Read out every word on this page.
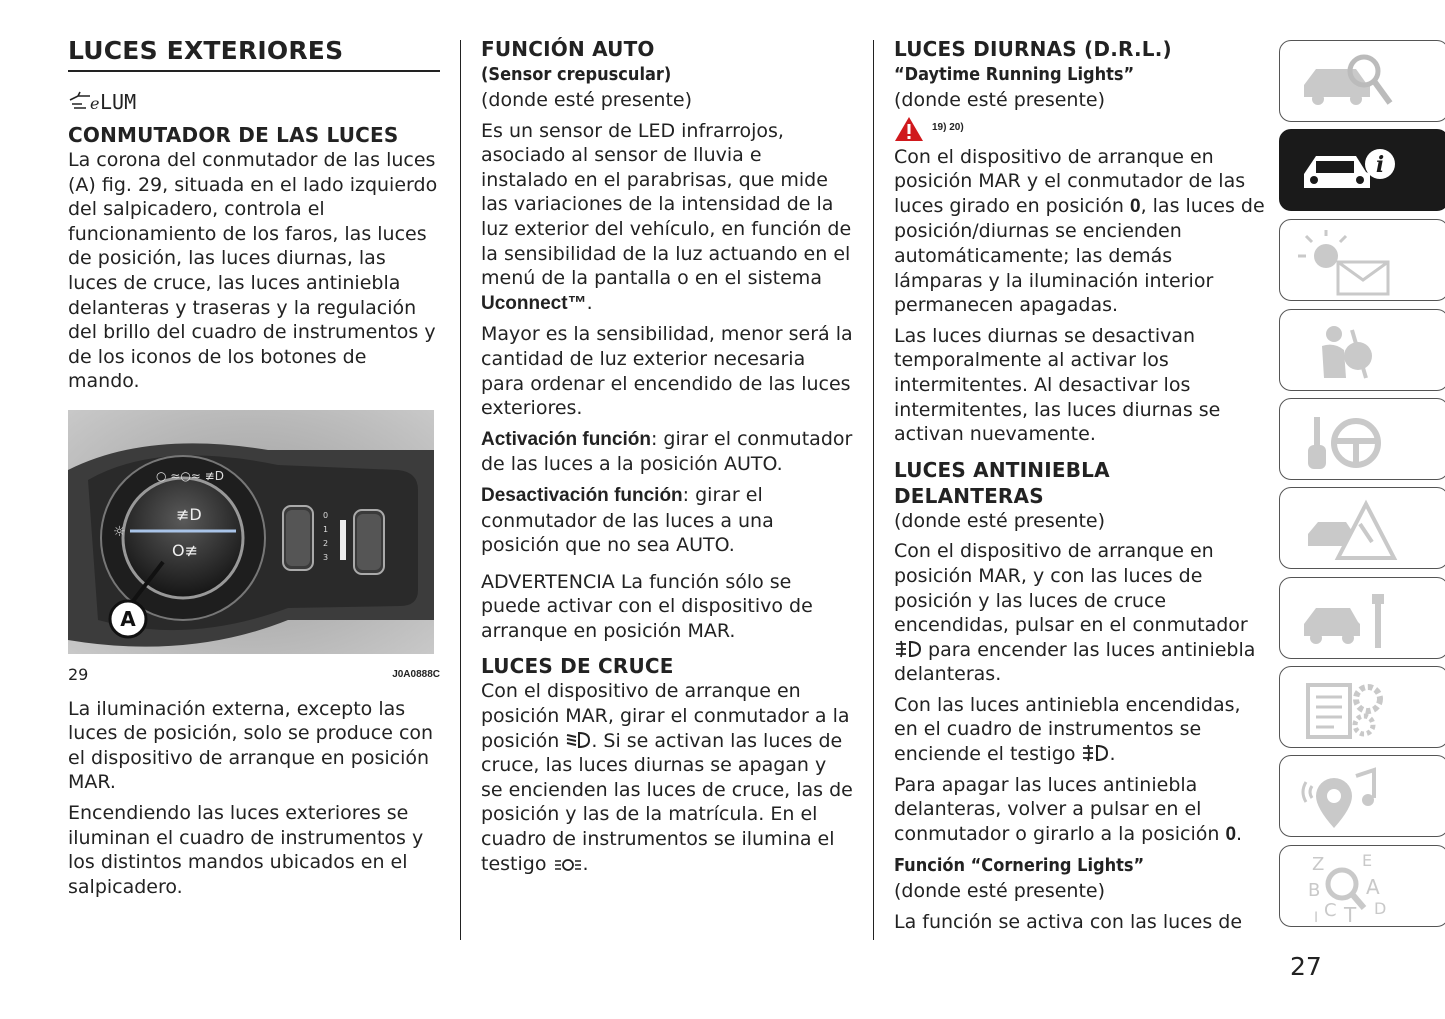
LUCES EXTERIORES
e LUM
CONMUTADOR DE LAS LUCES

La corona del conmutador de las luces (A) fig. 29, situada en el lado izquierdo del salpicadero, controla el funcionamiento de los faros, las luces de posición, las luces diurnas, las luces de cruce, las luces antiniebla delanteras y traseras y la regulación del brillo del cuadro de instrumentos y de los iconos de los botones de mando.

≢D
O≢
☼
○ ≈○≈ ≢D
0
1
2
3
A
29	J0A0888C

La iluminación externa, excepto las luces de posición, solo se produce con el dispositivo de arranque en posición MAR.

Encendiendo las luces exteriores se iluminan el cuadro de instrumentos y los distintos mandos ubicados en el salpicadero.

FUNCIÓN AUTO
(Sensor crepuscular)

(donde esté presente)

Es un sensor de LED infrarrojos, asociado al sensor de lluvia e instalado en el parabrisas, que mide las variaciones de la intensidad de la luz exterior del vehículo, en función de la sensibilidad de la luz actuando en el menú de la pantalla o en el sistema Uconnect™.

Mayor es la sensibilidad, menor será la cantidad de luz exterior necesaria para ordenar el encendido de las luces exteriores.

Activación función: girar el conmutador de las luces a la posición AUTO.

Desactivación función: girar el conmutador de las luces a una posición que no sea AUTO.

ADVERTENCIA La función sólo se puede activar con el dispositivo de arranque en posición MAR.

LUCES DE CRUCE

Con el dispositivo de arranque en posición MAR, girar el conmutador a la posición . Si se activan las luces de cruce, las luces diurnas se apagan y se encienden las luces de cruce, las de posición y las de la matrícula. En el cuadro de instrumentos se ilumina el testigo .

LUCES DIURNAS (D.R.L.)
“Daytime Running Lights”

(donde esté presente)

19) 20)

Con el dispositivo de arranque en posición MAR y el conmutador de las luces girado en posición 0, las luces de posición/diurnas se encienden automáticamente; las demás lámparas y la iluminación interior permanecen apagadas.

Las luces diurnas se desactivan temporalmente al activar los intermitentes. Al desactivar los intermitentes, las luces diurnas se activan nuevamente.

LUCES ANTINIEBLA DELANTERAS

(donde esté presente)

Con el dispositivo de arranque en posición MAR, y con las luces de posición y las luces de cruce encendidas, pulsar en el conmutador  para encender las luces antiniebla delanteras.

Con las luces antiniebla encendidas, en el cuadro de instrumentos se enciende el testigo .

Para apagar las luces antiniebla delanteras, volver a pulsar en el conmutador o girarlo a la posición 0.

Función “Cornering Lights”

(donde esté presente)

La función se activa con las luces de

i
Z E
B A
C T D
I
27
